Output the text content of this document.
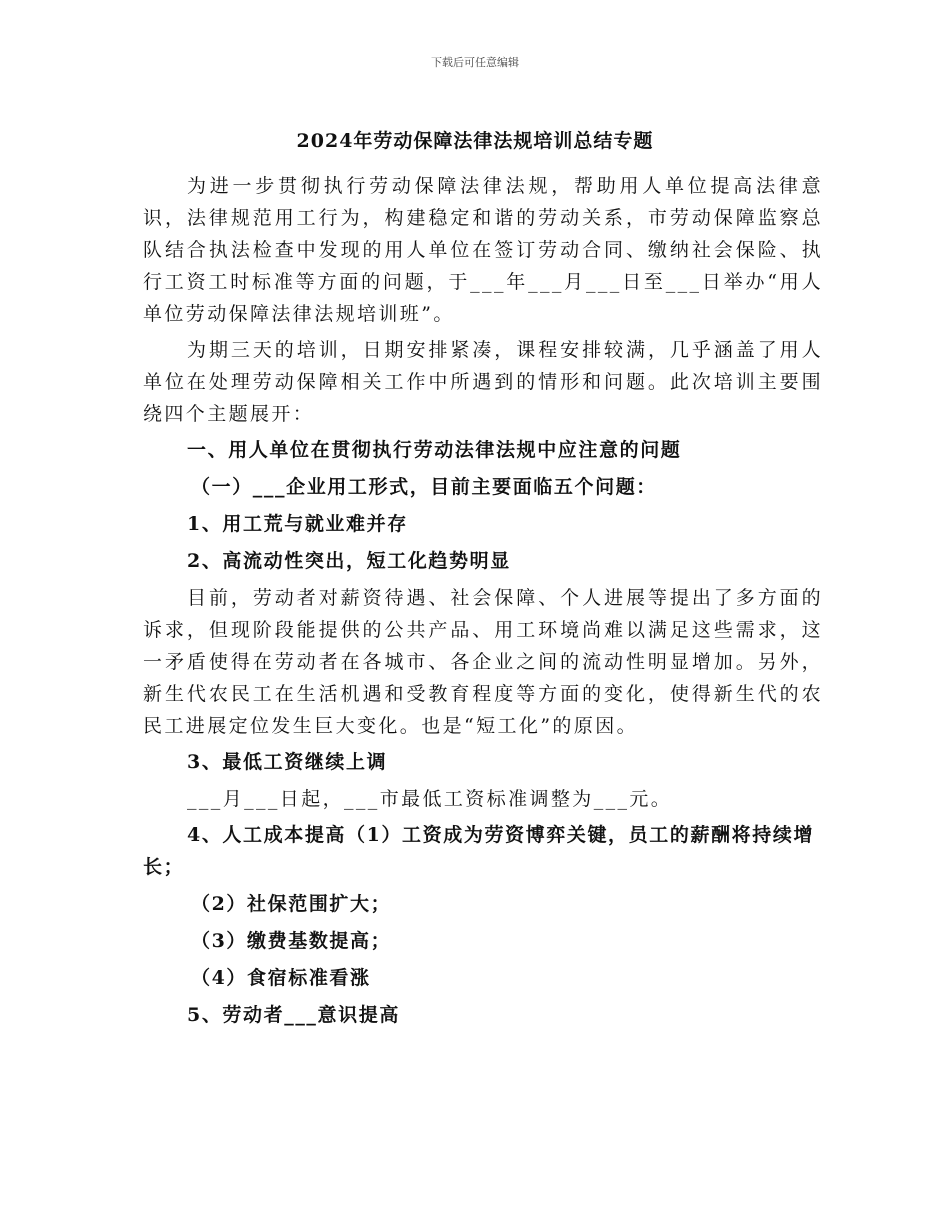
下载后可任意编辑
2024年劳动保障法律法规培训总结专题

为进一步贯彻执行劳动保障法律法规，帮助用人单位提高法律意识，法律规范用工行为，构建稳定和谐的劳动关系，市劳动保障监察总队结合执法检查中发现的用人单位在签订劳动合同、缴纳社会保险、执行工资工时标准等方面的问题，于___年___月___日至___日举办“用人单位劳动保障法律法规培训班”。

为期三天的培训，日期安排紧凑，课程安排较满，几乎涵盖了用人单位在处理劳动保障相关工作中所遇到的情形和问题。此次培训主要围绕四个主题展开：

一、用人单位在贯彻执行劳动法律法规中应注意的问题

（一）___企业用工形式，目前主要面临五个问题：

1、用工荒与就业难并存

2、高流动性突出，短工化趋势明显

目前，劳动者对薪资待遇、社会保障、个人进展等提出了多方面的诉求，但现阶段能提供的公共产品、用工环境尚难以满足这些需求，这一矛盾使得在劳动者在各城市、各企业之间的流动性明显增加。另外，新生代农民工在生活机遇和受教育程度等方面的变化，使得新生代的农民工进展定位发生巨大变化。也是“短工化”的原因。

3、最低工资继续上调

___月___日起，___市最低工资标准调整为___元。

4、人工成本提高（1）工资成为劳资博弈关键，员工的薪酬将持续增长；

（2）社保范围扩大；

（3）缴费基数提高；

（4）食宿标准看涨

5、劳动者___意识提高
